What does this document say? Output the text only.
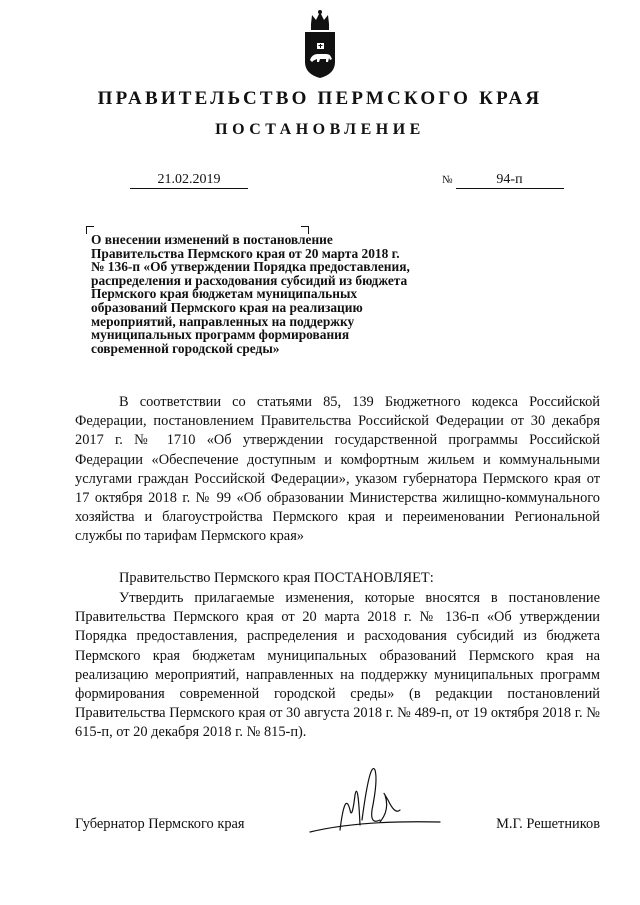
ПРАВИТЕЛЬСТВО ПЕРМСКОГО КРАЯ
ПОСТАНОВЛЕНИЕ
21.02.2019	№	94-п
О внесении изменений в постановление
Правительства Пермского края от 20 марта 2018 г.
№ 136-п «Об утверждении Порядка предоставления,
распределения и расходования субсидий из бюджета
Пермского края бюджетам муниципальных
образований Пермского края на реализацию
мероприятий, направленных на поддержку
муниципальных программ формирования
современной городской среды»
В соответствии со статьями 85, 139 Бюджетного кодекса Российской Федерации, постановлением Правительства Российской Федерации от 30 декабря 2017 г. № 1710 «Об утверждении государственной программы Российской Федерации «Обеспечение доступным и комфортным жильем и коммунальными услугами граждан Российской Федерации», указом губернатора Пермского края от 17 октября 2018 г. № 99 «Об образовании Министерства жилищно-коммунального хозяйства и благоустройства Пермского края и переименовании Региональной службы по тарифам Пермского края»
Правительство Пермского края ПОСТАНОВЛЯЕТ:
Утвердить прилагаемые изменения, которые вносятся в постановление Правительства Пермского края от 20 марта 2018 г. № 136-п «Об утверждении Порядка предоставления, распределения и расходования субсидий из бюджета Пермского края бюджетам муниципальных образований Пермского края на реализацию мероприятий, направленных на поддержку муниципальных программ формирования современной городской среды» (в редакции постановлений Правительства Пермского края от 30 августа 2018 г. № 489-п, от 19 октября 2018 г. № 615-п, от 20 декабря 2018 г. № 815-п).
Губернатор Пермского края	М.Г. Решетников
